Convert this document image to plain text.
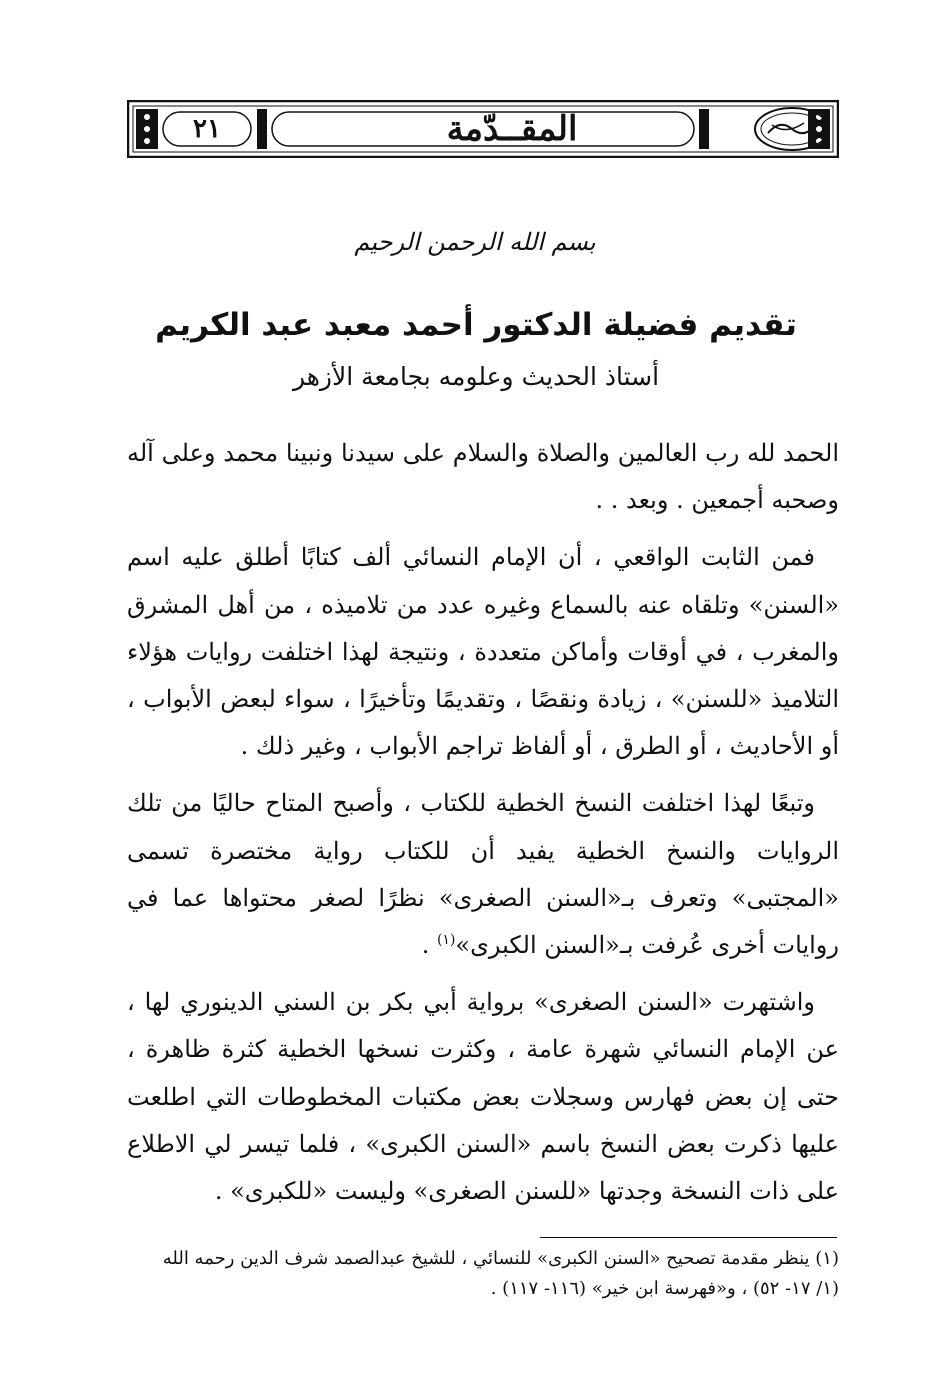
٢١	المقــدّمة
بسم الله الرحمن الرحيم
تقديم فضيلة الدكتور أحمد معبد عبد الكريم
أستاذ الحديث وعلومه بجامعة الأزهر

الحمد لله رب العالمين والصلاة والسلام على سيدنا ونبينا محمد وعلى آله وصحبه أجمعين . وبعد . .

فمن الثابت الواقعي ، أن الإمام النسائي ألف كتابًا أطلق عليه اسم «السنن» وتلقاه عنه بالسماع وغيره عدد من تلاميذه ، من أهل المشرق والمغرب ، في أوقات وأماكن متعددة ، ونتيجة لهذا اختلفت روايات هؤلاء التلاميذ «للسنن» ، زيادة ونقصًا ، وتقديمًا وتأخيرًا ، سواء لبعض الأبواب ، أو الأحاديث ، أو الطرق ، أو ألفاظ تراجم الأبواب ، وغير ذلك .

وتبعًا لهذا اختلفت النسخ الخطية للكتاب ، وأصبح المتاح حاليًا من تلك الروايات والنسخ الخطية يفيد أن للكتاب رواية مختصرة تسمى «المجتبى» وتعرف بـ«السنن الصغرى» نظرًا لصغر محتواها عما في روايات أخرى عُرفت بـ«السنن الكبرى»$^{(١)}$ .

واشتهرت «السنن الصغرى» برواية أبي بكر بن السني الدينوري لها ، عن الإمام النسائي شهرة عامة ، وكثرت نسخها الخطية كثرة ظاهرة ، حتى إن بعض فهارس وسجلات بعض مكتبات المخطوطات التي اطلعت عليها ذكرت بعض النسخ باسم «السنن الكبرى» ، فلما تيسر لي الاطلاع على ذات النسخة وجدتها «للسنن الصغرى» وليست «للكبرى» .

(١) ينظر مقدمة تصحيح «السنن الكبرى» للنسائي ، للشيخ عبدالصمد شرف الدين رحمه الله
(١/ ١٧- ٥٢) ، و«فهرسة ابن خير» (١١٦- ١١٧) .
